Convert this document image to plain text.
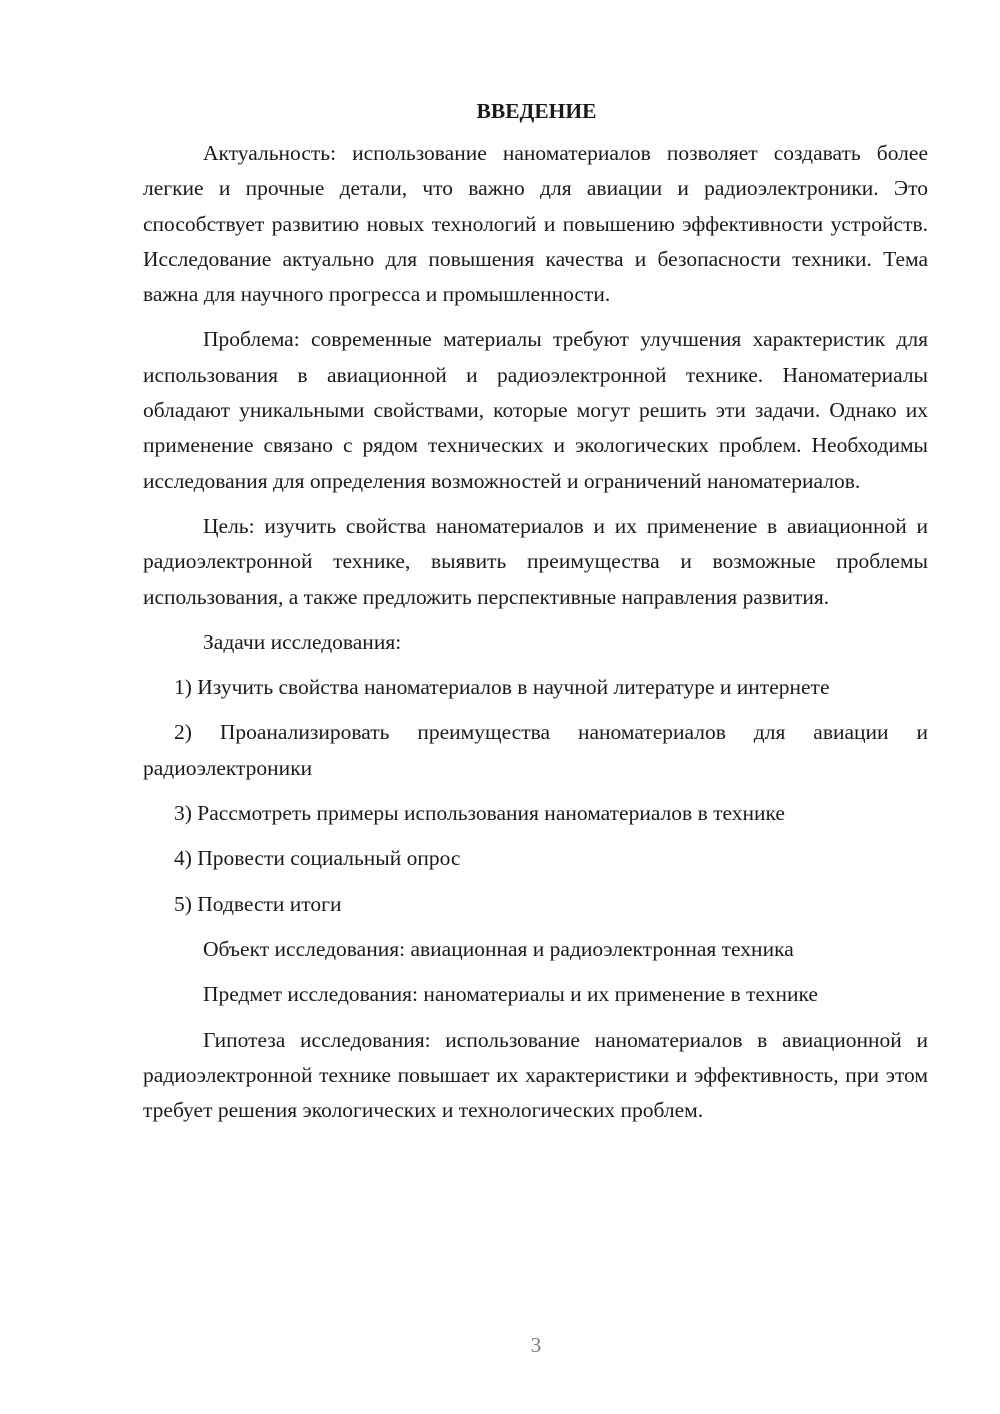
ВВЕДЕНИЕ

Актуальность: использование наноматериалов позволяет создавать более легкие и прочные детали, что важно для авиации и радиоэлектроники. Это способствует развитию новых технологий и повышению эффективности устройств. Исследование актуально для повышения качества и безопасности техники. Тема важна для научного прогресса и промышленности.

Проблема: современные материалы требуют улучшения характеристик для использования в авиационной и радиоэлектронной технике. Наноматериалы обладают уникальными свойствами, которые могут решить эти задачи. Однако их применение связано с рядом технических и экологических проблем. Необходимы исследования для определения возможностей и ограничений наноматериалов.

Цель: изучить свойства наноматериалов и их применение в авиационной и радиоэлектронной технике, выявить преимущества и возможные проблемы использования, а также предложить перспективные направления развития.

Задачи исследования:

1) Изучить свойства наноматериалов в научной литературе и интернете

2) Проанализировать преимущества наноматериалов для авиации и радиоэлектроники

3) Рассмотреть примеры использования наноматериалов в технике

4) Провести социальный опрос

5) Подвести итоги

Объект исследования: авиационная и радиоэлектронная техника

Предмет исследования: наноматериалы и их применение в технике

Гипотеза исследования: использование наноматериалов в авиационной и радиоэлектронной технике повышает их характеристики и эффективность, при этом требует решения экологических и технологических проблем.

3
